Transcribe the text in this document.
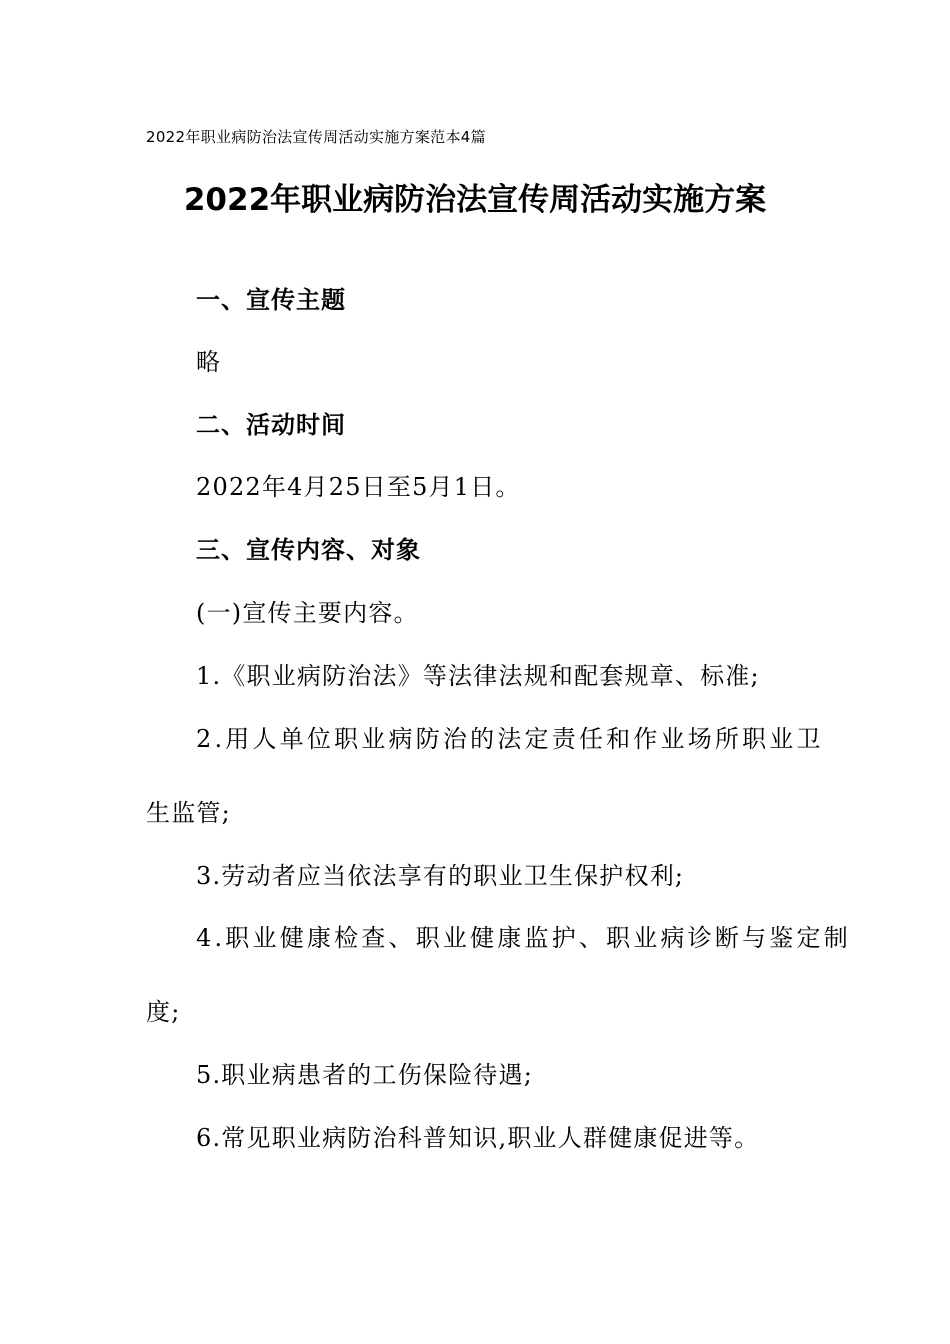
2022年职业病防治法宣传周活动实施方案范本4篇
2022年职业病防治法宣传周活动实施方案
一、宣传主题
略
二、活动时间
2022年4月25日至5月1日。
三、宣传内容、对象
(一)宣传主要内容。
1.《职业病防治法》等法律法规和配套规章、标准;
2.用人单位职业病防治的法定责任和作业场所职业卫
生监管;
3.劳动者应当依法享有的职业卫生保护权利;
4.职业健康检查、职业健康监护、职业病诊断与鉴定制
度;
5.职业病患者的工伤保险待遇;
6.常见职业病防治科普知识,职业人群健康促进等。
